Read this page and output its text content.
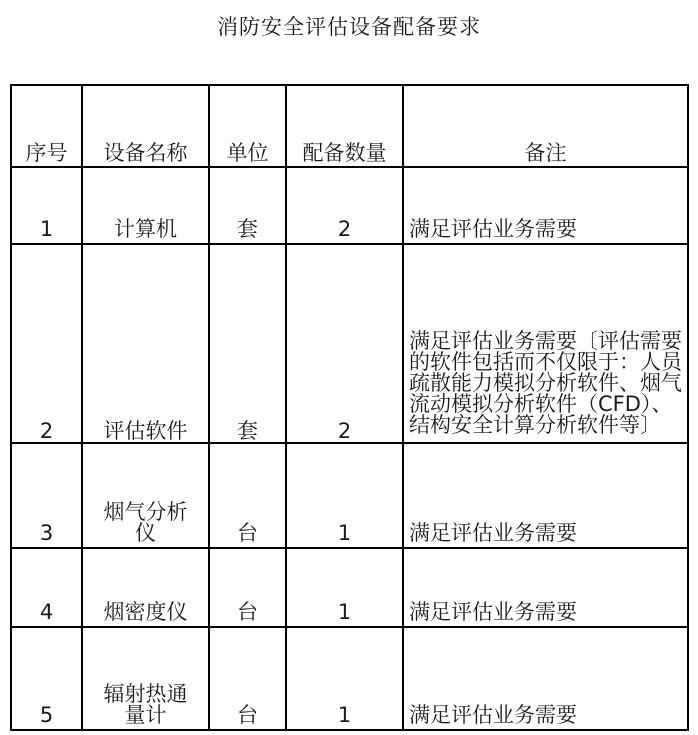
消防安全评估设备配备要求
序号	设备名称	单位	配备数量	备注
1	计算机	套	2	满足评估业务需要
2	评估软件	套	2	满足评估业务需要〔评估需要的软件包括而不仅限于：人员疏散能力模拟分析软件、烟气流动模拟分析软件（CFD）、结构安全计算分析软件等〕

3	烟气分析仪	台	1	满足评估业务需要
4	烟密度仪	台	1	满足评估业务需要
5	辐射热通量计	台	1	满足评估业务需要
